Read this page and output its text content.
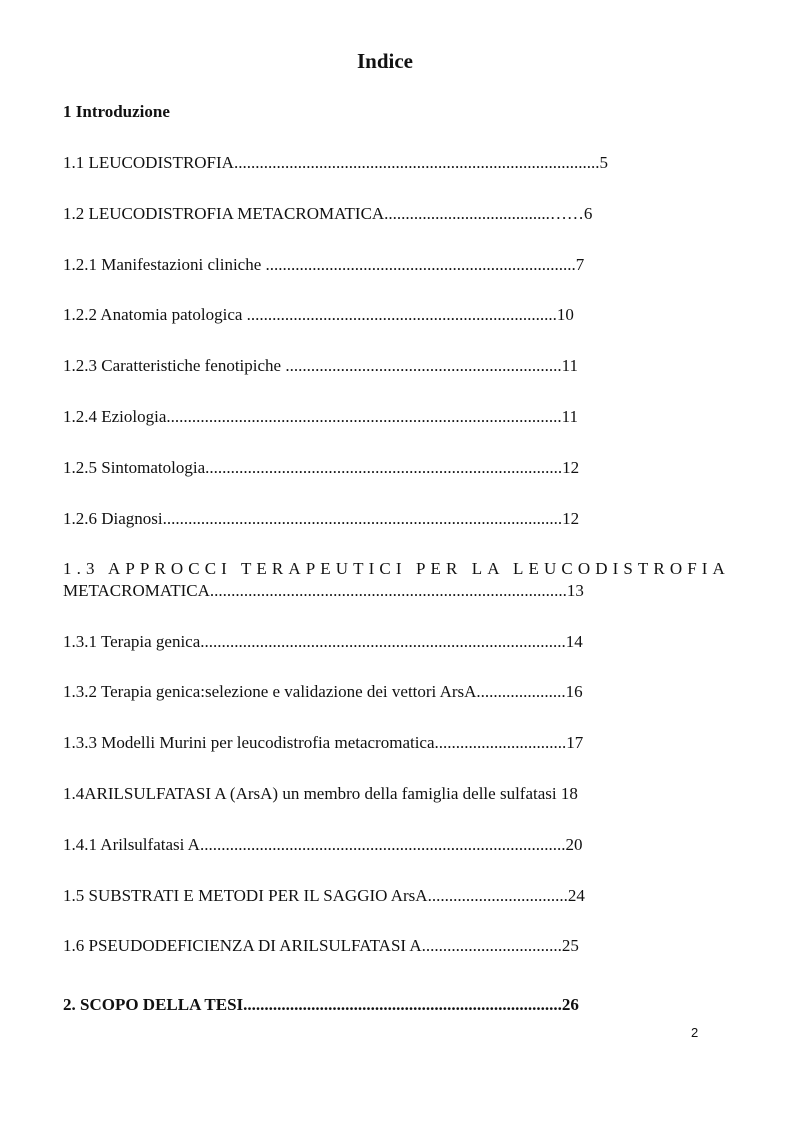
Indice
1 Introduzione
1.1 LEUCODISTROFIA......................................................................................5
1.2 LEUCODISTROFIA METACROMATICA.......................................……6
1.2.1 Manifestazioni cliniche .........................................................................7
1.2.2 Anatomia patologica .........................................................................10
1.2.3 Caratteristiche fenotipiche .................................................................11
1.2.4 Eziologia.............................................................................................11
1.2.5 Sintomatologia....................................................................................12
1.2.6 Diagnosi..............................................................................................12
1.3 APPROCCI TERAPEUTICI PER LA LEUCODISTROFIA
METACROMATICA....................................................................................13
1.3.1 Terapia genica......................................................................................14
1.3.2 Terapia genica:selezione e validazione dei vettori ArsA.....................16
1.3.3 Modelli Murini per leucodistrofia metacromatica...............................17
1.4ARILSULFATASI A (ArsA) un membro della famiglia delle sulfatasi 18
1.4.1 Arilsulfatasi A......................................................................................20
1.5 SUBSTRATI E METODI PER IL SAGGIO ArsA.................................24
1.6 PSEUDODEFICIENZA DI ARILSULFATASI A.................................25
2. SCOPO DELLA TESI...........................................................................26
2
